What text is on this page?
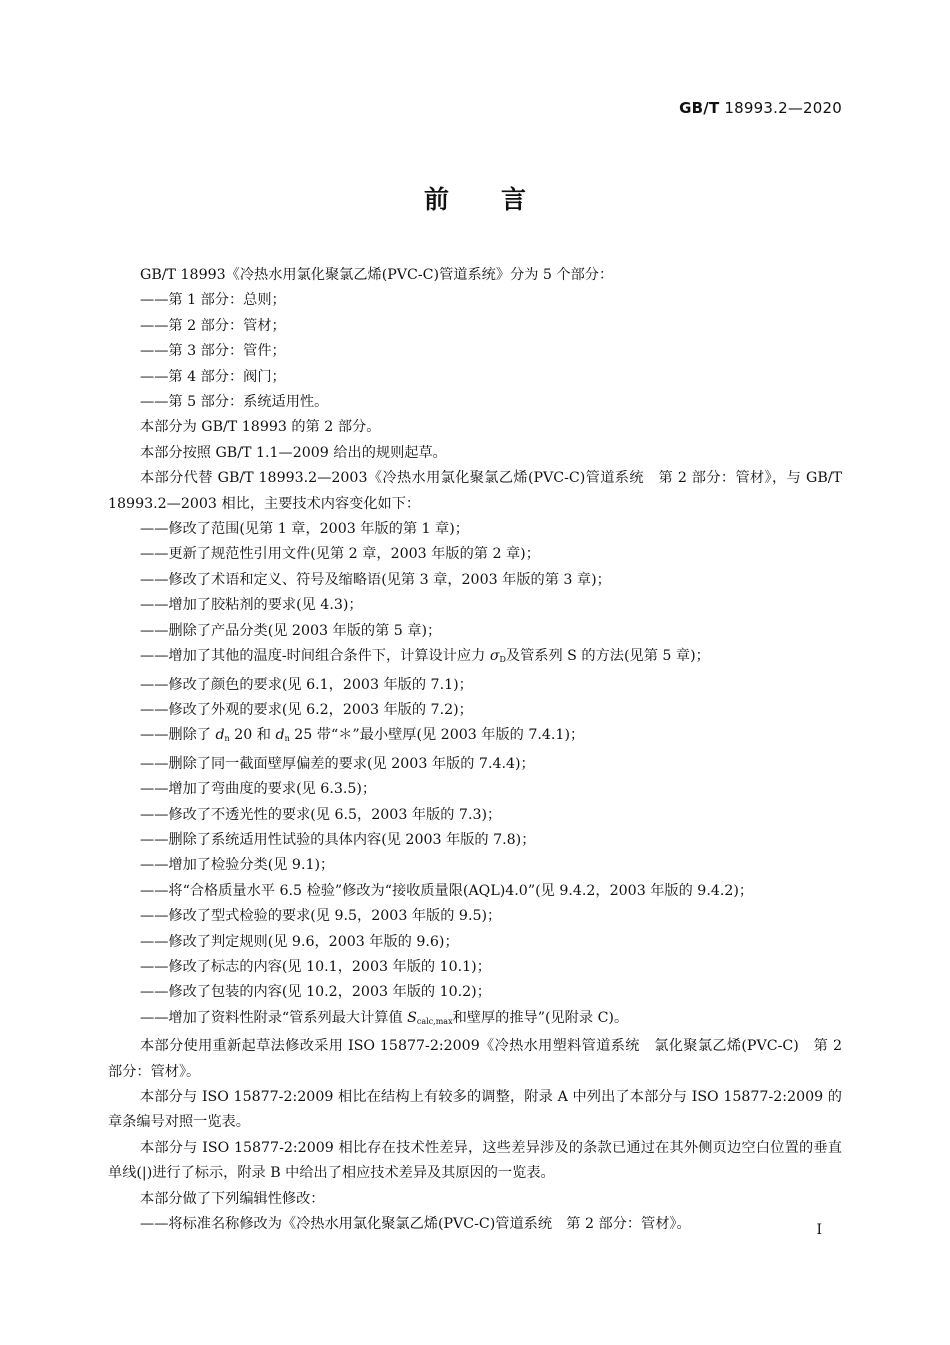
GB/T 18993.2—2020
前言

GB/T 18993《冷热水用氯化聚氯乙烯(PVC-C)管道系统》分为 5 个部分：

——第 1 部分：总则；

——第 2 部分：管材；

——第 3 部分：管件；

——第 4 部分：阀门；

——第 5 部分：系统适用性。

本部分为 GB/T 18993 的第 2 部分。

本部分按照 GB/T 1.1—2009 给出的规则起草。

本部分代替 GB/T 18993.2—2003《冷热水用氯化聚氯乙烯(PVC-C)管道系统　第 2 部分：管材》，与 GB/T 18993.2—2003 相比，主要技术内容变化如下：

——修改了范围(见第 1 章，2003 年版的第 1 章)；

——更新了规范性引用文件(见第 2 章，2003 年版的第 2 章)；

——修改了术语和定义、符号及缩略语(见第 3 章，2003 年版的第 3 章)；

——增加了胶粘剂的要求(见 4.3)；

——删除了产品分类(见 2003 年版的第 5 章)；

——增加了其他的温度-时间组合条件下，计算设计应力 $\sigma_D$及管系列 S 的方法(见第 5 章)；

——修改了颜色的要求(见 6.1，2003 年版的 7.1)；

——修改了外观的要求(见 6.2，2003 年版的 7.2)；

——删除了 $d_n$ 20 和 $d_n$ 25 带“＊”最小壁厚(见 2003 年版的 7.4.1)；

——删除了同一截面壁厚偏差的要求(见 2003 年版的 7.4.4)；

——增加了弯曲度的要求(见 6.3.5)；

——修改了不透光性的要求(见 6.5，2003 年版的 7.3)；

——删除了系统适用性试验的具体内容(见 2003 年版的 7.8)；

——增加了检验分类(见 9.1)；

——将“合格质量水平 6.5 检验”修改为“接收质量限(AQL)4.0”(见 9.4.2，2003 年版的 9.4.2)；

——修改了型式检验的要求(见 9.5，2003 年版的 9.5)；

——修改了判定规则(见 9.6，2003 年版的 9.6)；

——修改了标志的内容(见 10.1，2003 年版的 10.1)；

——修改了包装的内容(见 10.2，2003 年版的 10.2)；

——增加了资料性附录“管系列最大计算值 $S_{calc,max}$和壁厚的推导”(见附录 C)。

本部分使用重新起草法修改采用 ISO 15877-2:2009《冷热水用塑料管道系统　氯化聚氯乙烯(PVC-C)　第 2 部分：管材》。

本部分与 ISO 15877-2:2009 相比在结构上有较多的调整，附录 A 中列出了本部分与 ISO 15877-2:2009 的章条编号对照一览表。

本部分与 ISO 15877-2:2009 相比存在技术性差异，这些差异涉及的条款已通过在其外侧页边空白位置的垂直单线(|)进行了标示，附录 B 中给出了相应技术差异及其原因的一览表。

本部分做了下列编辑性修改：

——将标准名称修改为《冷热水用氯化聚氯乙烯(PVC-C)管道系统　第 2 部分：管材》。	I
